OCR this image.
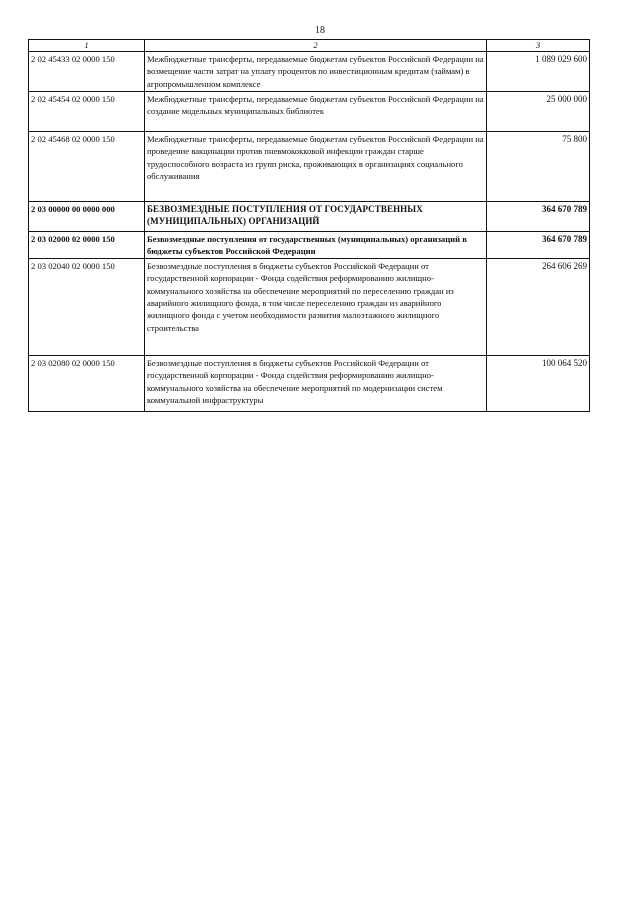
18
1	2	3
2 02 45433 02 0000 150	Межбюджетные трансферты, передаваемые бюджетам субъектов Российской Федерации на возмещение части затрат на уплату процентов по инвестиционным кредитам (займам) в агропромышленном комплексе	1 089 029 600
2 02 45454 02 0000 150	Межбюджетные трансферты, передаваемые бюджетам субъектов Российской Федерации на создание модельных муниципальных библиотек	25 000 000
2 02 45468 02 0000 150	Межбюджетные трансферты, передаваемые бюджетам субъектов Российской Федерации на проведение вакцинации против пневмококковой инфекции граждан старше трудоспособного возраста из групп риска, проживающих в организациях социального обслуживания	75 800
2 03 00000 00 0000 000	БЕЗВОЗМЕЗДНЫЕ ПОСТУПЛЕНИЯ ОТ ГОСУДАРСТВЕННЫХ (МУНИЦИПАЛЬНЫХ) ОРГАНИЗАЦИЙ	364 670 789
2 03 02000 02 0000 150	Безвозмездные поступления от государственных (муниципальных) организаций в бюджеты субъектов Российской Федерации	364 670 789
2 03 02040 02 0000 150	Безвозмездные поступления в бюджеты субъектов Российской Федерации от государственной корпорации - Фонда содействия реформированию жилищно-коммунального хозяйства на обеспечение мероприятий по переселению граждан из аварийного жилищного фонда, в том числе переселению граждан из аварийного жилищного фонда с учетом необходимости развития малоэтажного жилищного строительства	264 606 269
2 03 02080 02 0000 150	Безвозмездные поступления в бюджеты субъектов Российской Федерации от государственной корпорации - Фонда содействия реформированию жилищно-коммунального хозяйства на обеспечение мероприятий по модернизации систем коммунальной инфраструктуры	100 064 520
